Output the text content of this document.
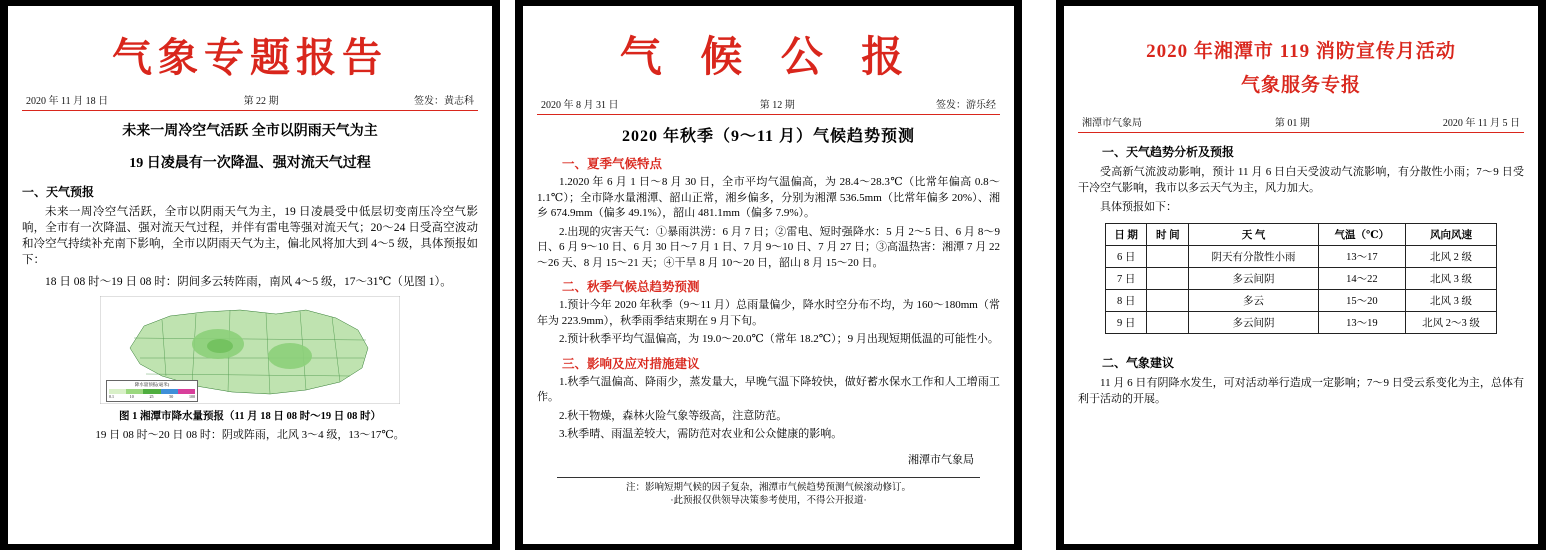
气象专题报告
2020 年 11 月 18 日	第 22 期	签发：黄志科
未来一周冷空气活跃 全市以阴雨天气为主
19 日凌晨有一次降温、强对流天气过程
一、天气预报

未来一周冷空气活跃，全市以阴雨天气为主，19 日凌晨受中低层切变南压冷空气影响，全市有一次降温、强对流天气过程，并伴有雷电等强对流天气；20～24 日受高空波动和冷空气持续补充南下影响，全市以阴雨天气为主，偏北风将加大到 4～5 级，具体预报如下：

18 日 08 时～19 日 08 时：阴间多云转阵雨，南风 4～5 级，17～31℃（见图 1）。

降水量预报(毫米)
0.1	10	25	50	100
图 1 湘潭市降水量预报（11 月 18 日 08 时～19 日 08 时）
19 日 08 时～20 日 08 时：阴或阵雨，北风 3～4 级，13～17℃。
气 候 公 报
2020 年 8 月 31 日	第 12 期	签发：游乐经
2020 年秋季（9～11 月）气候趋势预测
一、夏季气候特点

1.2020 年 6 月 1 日～8 月 30 日，全市平均气温偏高，为 28.4～28.3℃（比常年偏高 0.8～1.1℃）；全市降水量湘潭、韶山正常，湘乡偏多，分别为湘潭 536.5mm（比常年偏多 20%）、湘乡 674.9mm（偏多 49.1%），韶山 481.1mm（偏多 7.9%）。

2.出现的灾害天气：①暴雨洪涝：6 月 7 日；②雷电、短时强降水：5 月 2～5 日、6 月 8～9 日、6 月 9～10 日、6 月 30 日～7 月 1 日、7 月 9～10 日、7 月 27 日；③高温热害：湘潭 7 月 22～26 天、8 月 15～21 天；④干旱 8 月 10～20 日，韶山 8 月 15～20 日。

二、秋季气候总趋势预测

1.预计今年 2020 年秋季（9～11 月）总雨量偏少，降水时空分布不均，为 160～180mm（常年为 223.9mm），秋季雨季结束期在 9 月下旬。

2.预计秋季平均气温偏高，为 19.0～20.0℃（常年 18.2℃）；9 月出现短期低温的可能性小。

三、影响及应对措施建议

1.秋季气温偏高、降雨少，蒸发量大，早晚气温下降较快，做好蓄水保水工作和人工增雨工作。

2.秋干物燥，森林火险气象等级高，注意防范。

3.秋季晴、雨温差较大，需防范对农业和公众健康的影响。

湘潭市气象局
注：影响短期气候的因子复杂，湘潭市气候趋势预测气候滚动修订。
·此预报仅供领导决策参考使用，不得公开报道·
2020 年湘潭市 119 消防宣传月活动
气象服务专报
湘潭市气象局	第 01 期	2020 年 11 月 5 日
一、天气趋势分析及预报

受高新气流波动影响，预计 11 月 6 日白天受波动气流影响，有分散性小雨；7～9 日受干冷空气影响，我市以多云天气为主，风力加大。

具体预报如下：

日 期	时 间	天 气	气温（℃）	风向风速
6 日		阴天有分散性小雨	13～17	北风 2 级
7 日		多云间阴	14～22	北风 3 级
8 日		多云	15～20	北风 3 级
9 日		多云间阴	13～19	北风 2～3 级
二、气象建议

11 月 6 日有阴降水发生，可对活动举行造成一定影响；7～9 日受云系变化为主，总体有利于活动的开展。
